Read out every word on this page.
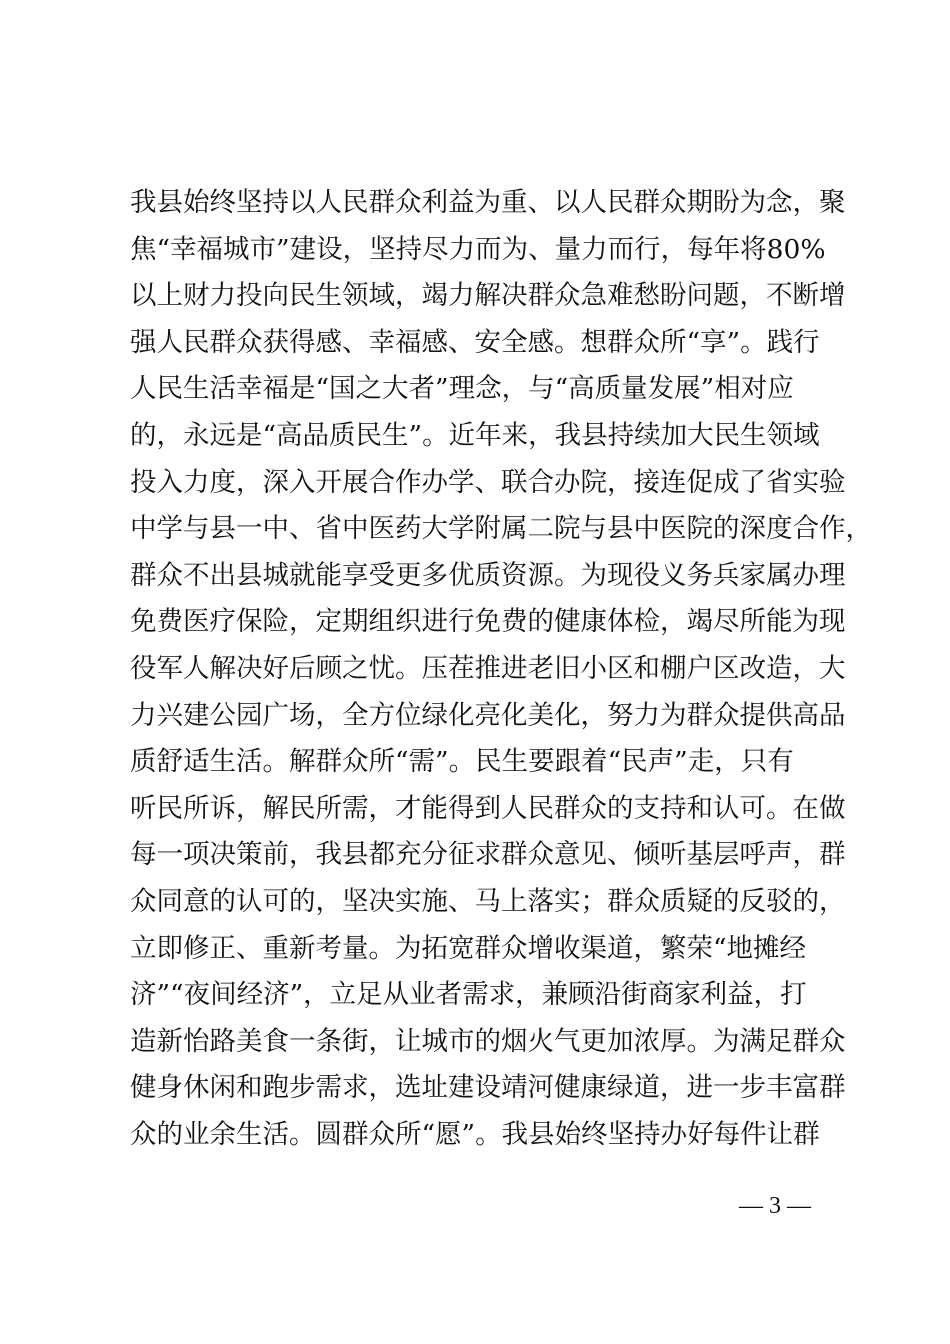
我县始终坚持以人民群众利益为重、以人民群众期盼为念，聚
焦“幸福城市”建设，坚持尽力而为、量力而行，每年将80%
以上财力投向民生领域，竭力解决群众急难愁盼问题，不断增
强人民群众获得感、幸福感、安全感。想群众所“享”。践行
人民生活幸福是“国之大者”理念，与“高质量发展”相对应
的，永远是“高品质民生”。近年来，我县持续加大民生领域
投入力度，深入开展合作办学、联合办院，接连促成了省实验
中学与县一中、省中医药大学附属二院与县中医院的深度合作，
群众不出县城就能享受更多优质资源。为现役义务兵家属办理
免费医疗保险，定期组织进行免费的健康体检，竭尽所能为现
役军人解决好后顾之忧。压茬推进老旧小区和棚户区改造，大
力兴建公园广场，全方位绿化亮化美化，努力为群众提供高品
质舒适生活。解群众所“需”。民生要跟着“民声”走，只有
听民所诉，解民所需，才能得到人民群众的支持和认可。在做
每一项决策前，我县都充分征求群众意见、倾听基层呼声，群
众同意的认可的，坚决实施、马上落实；群众质疑的反驳的，
立即修正、重新考量。为拓宽群众增收渠道，繁荣“地摊经
济”“夜间经济”，立足从业者需求，兼顾沿街商家利益，打
造新怡路美食一条街，让城市的烟火气更加浓厚。为满足群众
健身休闲和跑步需求，选址建设靖河健康绿道，进一步丰富群
众的业余生活。圆群众所“愿”。我县始终坚持办好每件让群
— 3 —
